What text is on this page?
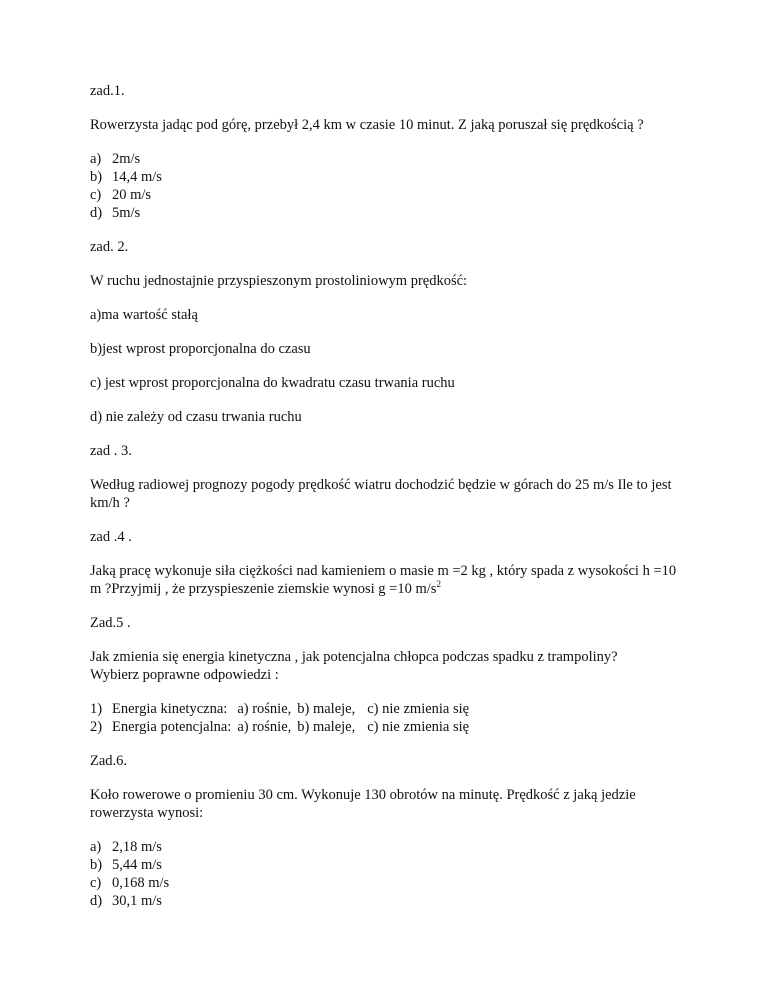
zad.1.

Rowerzysta jadąc pod górę, przebył 2,4 km w czasie 10 minut. Z jaką poruszał się prędkością ?

a) 2m/s
b) 14,4 m/s
c) 20 m/s
d) 5m/s

zad. 2.

W ruchu jednostajnie przyspieszonym prostoliniowym prędkość:

a)ma wartość stałą

b)jest wprost proporcjonalna do czasu

c) jest wprost proporcjonalna do kwadratu czasu trwania ruchu

d) nie zależy od czasu trwania ruchu

zad . 3.

Według radiowej prognozy pogody prędkość wiatru dochodzić będzie w górach do 25 m/s Ile to jest km/h ?

zad .4 .

Jaką pracę wykonuje siła ciężkości nad kamieniem o masie m =2 kg , który spada z wysokości h =10 m ?Przyjmij , że przyspieszenie ziemskie wynosi g =10 $m/s^2$

Zad.5 .

Jak zmienia się energia kinetyczna , jak potencjalna chłopca podczas spadku z trampoliny?
Wybierz poprawne odpowiedzi :

1)	Energia kinetyczna:	a) rośnie,	b) maleje,	c) nie zmienia się
2)	Energia potencjalna:	a) rośnie,	b) maleje,	c) nie zmienia się

Zad.6.

Koło rowerowe o promieniu 30 cm. Wykonuje 130 obrotów na minutę. Prędkość z jaką jedzie rowerzysta wynosi:

a) 2,18 m/s
b) 5,44 m/s
c) 0,168 m/s
d) 30,1 m/s
